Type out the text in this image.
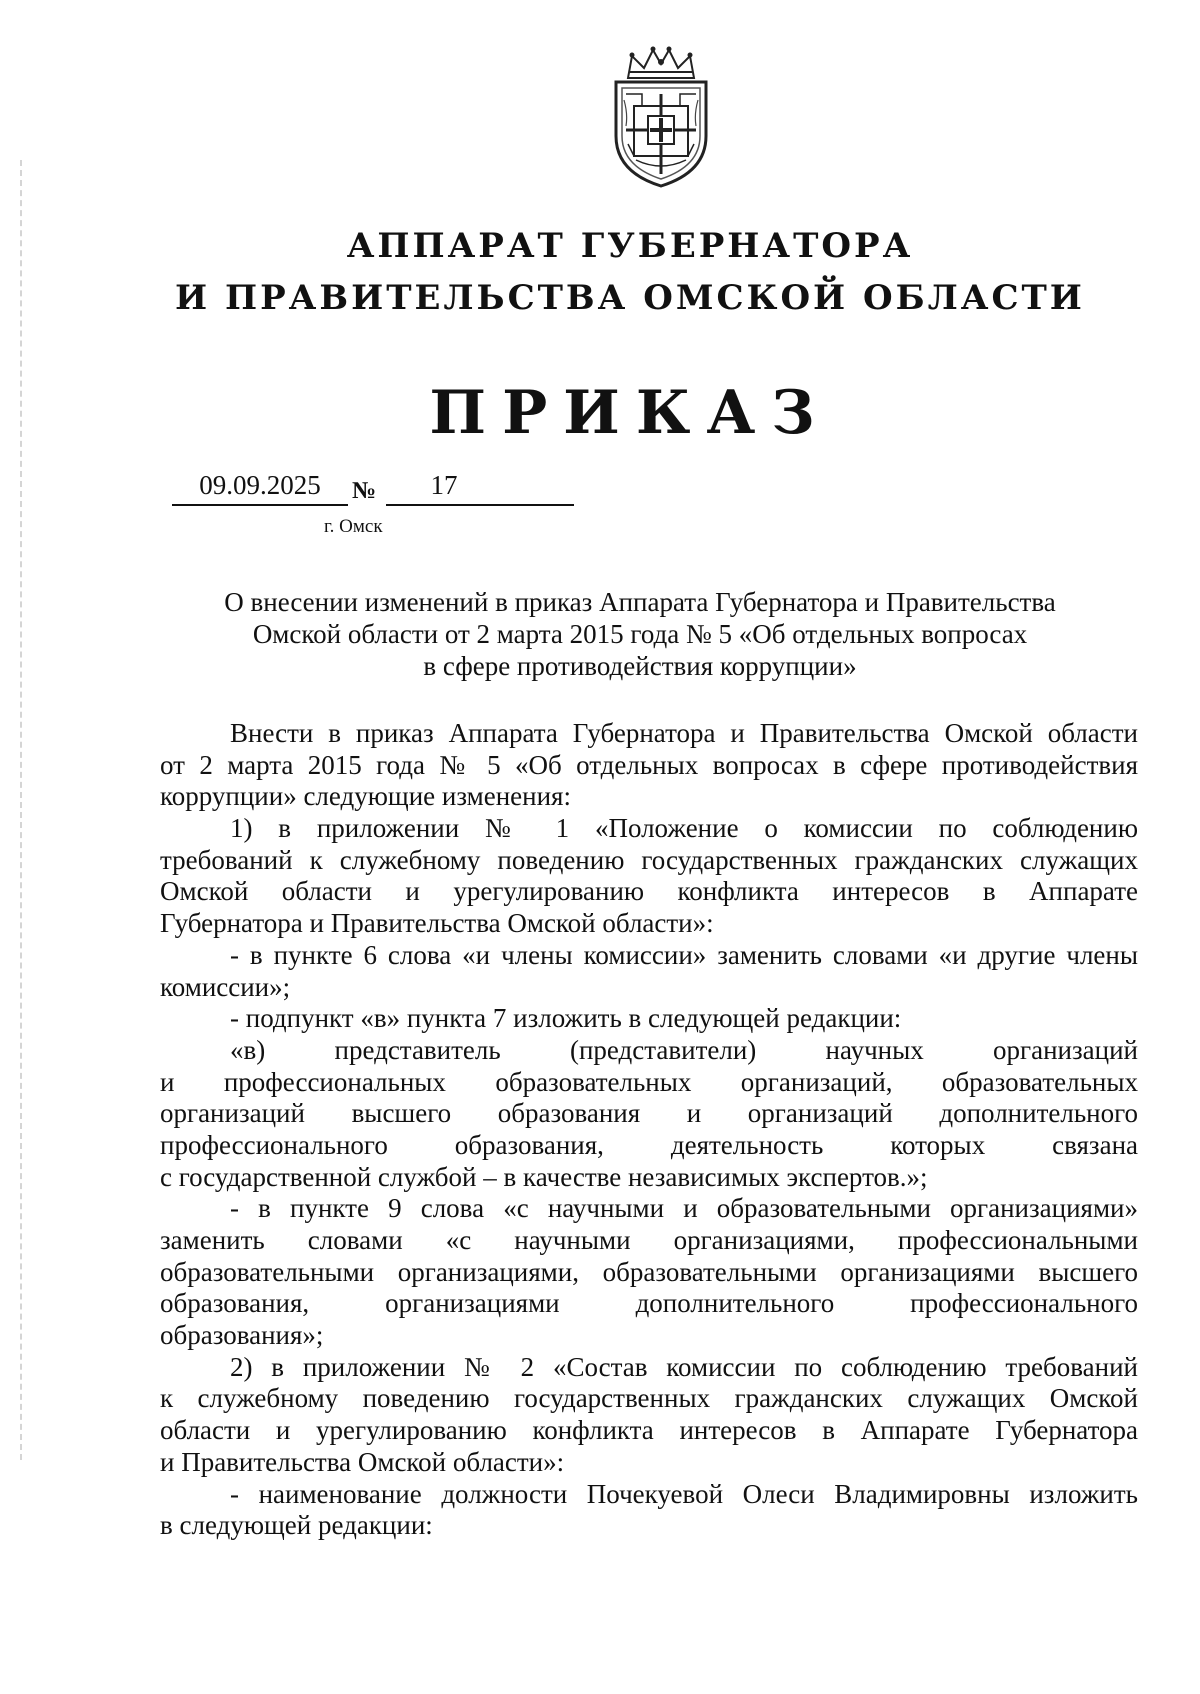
АППАРАТ ГУБЕРНАТОРА
И ПРАВИТЕЛЬСТВА ОМСКОЙ ОБЛАСТИ
ПРИКАЗ
09.09.2025	№	17
г. Омск
О внесении изменений в приказ Аппарата Губернатора и Правительства
Омской области от 2 марта 2015 года № 5 «Об отдельных вопросах
в сфере противодействия коррупции»
Внести в приказ Аппарата Губернатора и Правительства Омской области
от 2 марта 2015 года № 5 «Об отдельных вопросах в сфере противодействия
коррупции» следующие изменения:
1) в приложении № 1 «Положение о комиссии по соблюдению
требований к служебному поведению государственных гражданских служащих
Омской области и урегулированию конфликта интересов в Аппарате
Губернатора и Правительства Омской области»:
- в пункте 6 слова «и члены комиссии» заменить словами «и другие члены
комиссии»;
- подпункт «в» пункта 7 изложить в следующей редакции:
«в) представитель (представители) научных организаций
и профессиональных образовательных организаций, образовательных
организаций высшего образования и организаций дополнительного
профессионального образования, деятельность которых связана
с государственной службой – в качестве независимых экспертов.»;
- в пункте 9 слова «с научными и образовательными организациями»
заменить словами «с научными организациями, профессиональными
образовательными организациями, образовательными организациями высшего
образования, организациями дополнительного профессионального
образования»;
2) в приложении № 2 «Состав комиссии по соблюдению требований
к служебному поведению государственных гражданских служащих Омской
области и урегулированию конфликта интересов в Аппарате Губернатора
и Правительства Омской области»:
- наименование должности Почекуевой Олеси Владимировны изложить
в следующей редакции:
